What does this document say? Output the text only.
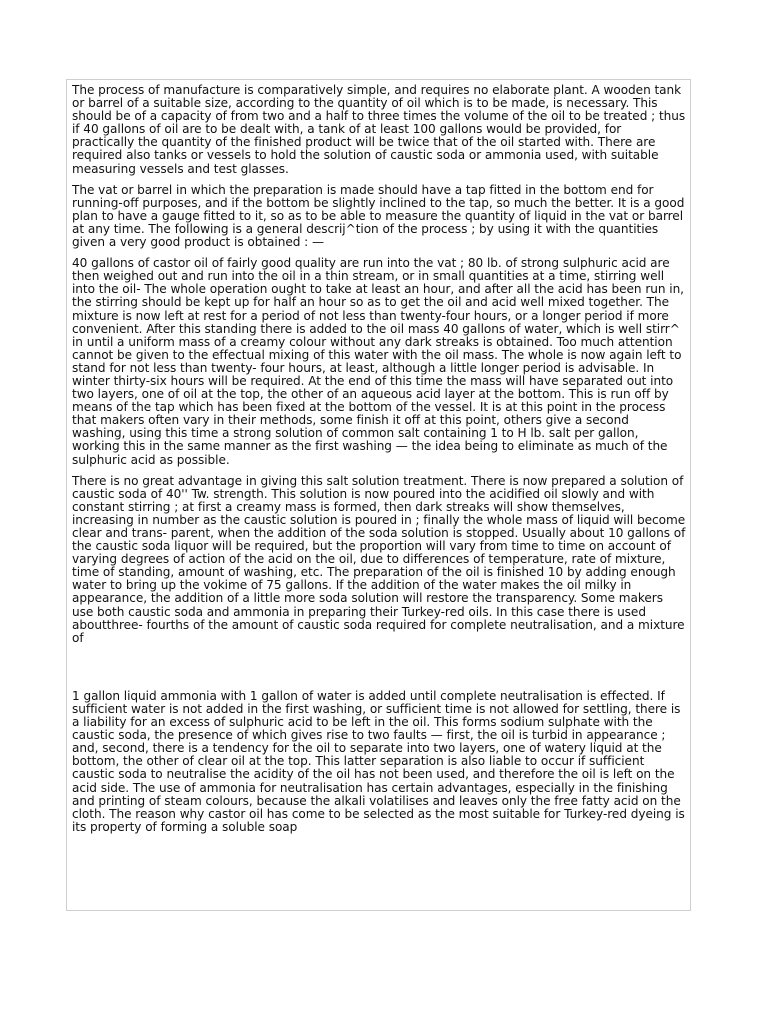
The process of manufacture is comparatively simple, and requires no elaborate plant. A wooden tank or barrel of a suitable size, according to the quantity of oil which is to be made, is necessary. This should be of a capacity of from two and a half to three times the volume of the oil to be treated ; thus if 40 gallons of oil are to be dealt with, a tank of at least 100 gallons would be provided, for practically the quantity of the finished product will be twice that of the oil started with. There are required also tanks or vessels to hold the solution of caustic soda or ammonia used, with suitable measuring vessels and test glasses.

The vat or barrel in which the preparation is made should have a tap fitted in the bottom end for running-off purposes, and if the bottom be slightly inclined to the tap, so much the better. It is a good plan to have a gauge fitted to it, so as to be able to measure the quantity of liquid in the vat or barrel at any time. The following is a general descrij^tion of the process ; by using it with the quantities given a very good product is obtained : —

40 gallons of castor oil of fairly good quality are run into the vat ; 80 lb. of strong sulphuric acid are then weighed out and run into the oil in a thin stream, or in small quantities at a time, stirring well into the oil- The whole operation ought to take at least an hour, and after all the acid has been run in, the stirring should be kept up for half an hour so as to get the oil and acid well mixed together. The mixture is now left at rest for a period of not less than twenty-four hours, or a longer period if more convenient. After this standing there is added to the oil mass 40 gallons of water, which is well stirr^ in until a uniform mass of a creamy colour without any dark streaks is obtained. Too much attention cannot be given to the effectual mixing of this water with the oil mass. The whole is now again left to stand for not less than twenty- four hours, at least, although a little longer period is advisable. In winter thirty-six hours will be required. At the end of this time the mass will have separated out into two layers, one of oil at the top, the other of an aqueous acid layer at the bottom. This is run off by means of the tap which has been fixed at the bottom of the vessel. It is at this point in the process that makers often vary in their methods, some finish it off at this point, others give a second washing, using this time a strong solution of common salt containing 1 to H lb. salt per gallon, working this in the same manner as the first washing — the idea being to eliminate as much of the sulphuric acid as possible.

There is no great advantage in giving this salt solution treatment. There is now prepared a solution of caustic soda of 40'' Tw. strength. This solution is now poured into the acidified oil slowly and with constant stirring ; at first a creamy mass is formed, then dark streaks will show themselves, increasing in number as the caustic solution is poured in ; finally the whole mass of liquid will become clear and trans- parent, when the addition of the soda solution is stopped. Usually about 10 gallons of the caustic soda liquor will be required, but the proportion will vary from time to time on account of varying degrees of action of the acid on the oil, due to differences of temperature, rate of mixture, time of standing, amount of washing, etc. The preparation of the oil is finished 10 by adding enough water to bring up the vokime of 75 gallons. If the addition of the water makes the oil milky in appearance, the addition of a little more soda solution will restore the transparency. Some makers use both caustic soda and ammonia in preparing their Turkey-red oils. In this case there is used aboutthree- fourths of the amount of caustic soda required for complete neutralisation, and a mixture of

1 gallon liquid ammonia with 1 gallon of water is added until complete neutralisation is effected. If sufficient water is not added in the first washing, or sufficient time is not allowed for settling, there is a liability for an excess of sulphuric acid to be left in the oil. This forms sodium sulphate with the caustic soda, the presence of which gives rise to two faults — first, the oil is turbid in appearance ; and, second, there is a tendency for the oil to separate into two layers, one of watery liquid at the bottom, the other of clear oil at the top. This latter separation is also liable to occur if sufficient caustic soda to neutralise the acidity of the oil has not been used, and therefore the oil is left on the acid side. The use of ammonia for neutralisation has certain advantages, especially in the finishing and printing of steam colours, because the alkali volatilises and leaves only the free fatty acid on the cloth. The reason why castor oil has come to be selected as the most suitable for Turkey-red dyeing is its property of forming a soluble soap
